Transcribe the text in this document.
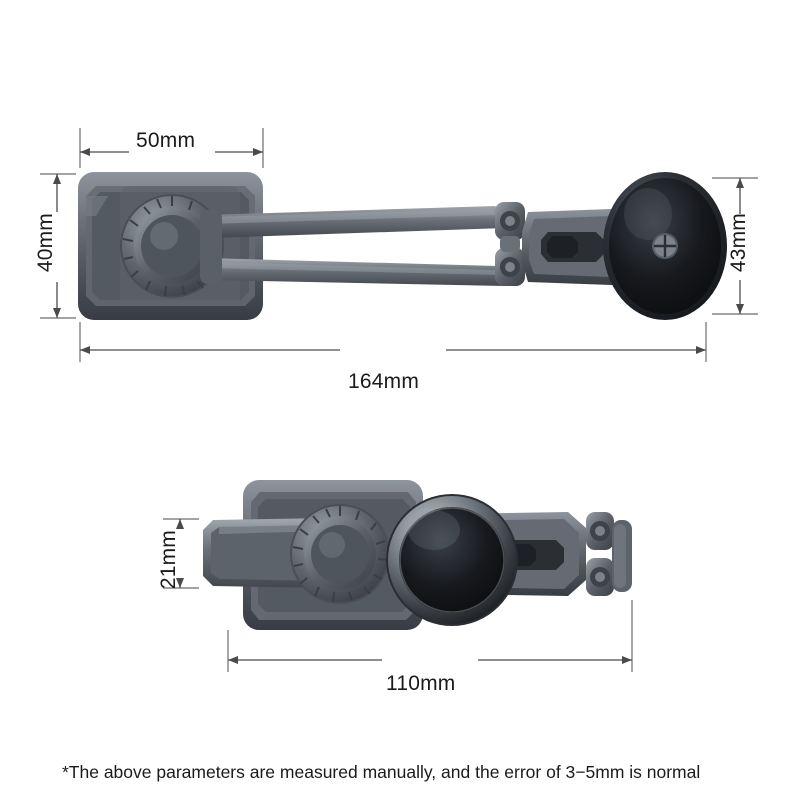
50mm
40mm	43mm
164mm
21mm
110mm
*The above parameters are measured manually, and the error of 3−5mm is normal
